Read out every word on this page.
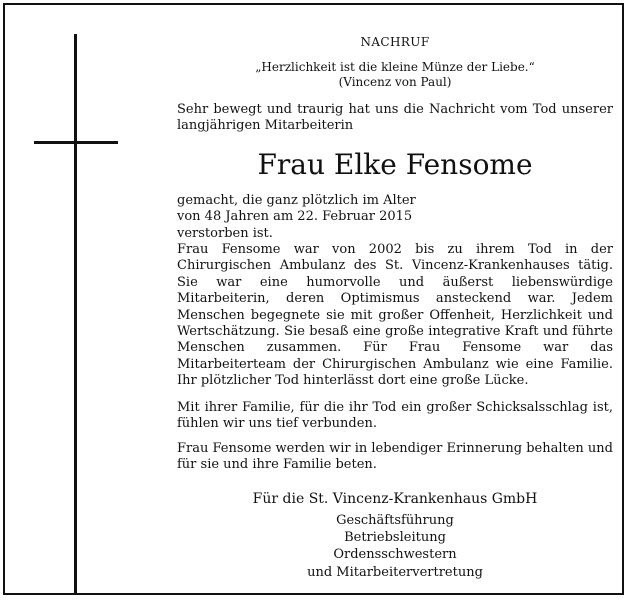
NACHRUF
„Herzlichkeit ist die kleine Münze der Liebe.“
(Vincenz von Paul)
Sehr bewegt und traurig hat uns die Nachricht vom Tod unserer langjährigen Mitarbeiterin
Frau Elke Fensome
gemacht, die ganz plötzlich im Alter von 48 Jahren am 22. Februar 2015 verstorben ist.
Frau Fensome war von 2002 bis zu ihrem Tod in der Chirurgischen Ambulanz des St. Vincenz-Krankenhauses tätig. Sie war eine humorvolle und äußerst liebenswürdige Mitarbeiterin, deren Optimismus ansteckend war. Jedem Menschen begegnete sie mit großer Offenheit, Herzlichkeit und Wertschätzung. Sie besaß eine große integrative Kraft und führte Menschen zusammen. Für Frau Fensome war das Mitarbeiterteam der Chirurgischen Ambulanz wie eine Familie. Ihr plötzlicher Tod hinterlässt dort eine große Lücke.
Mit ihrer Familie, für die ihr Tod ein großer Schicksalsschlag ist, fühlen wir uns tief verbunden.
Frau Fensome werden wir in lebendiger Erinnerung behalten und für sie und ihre Familie beten.
Für die St. Vincenz-Krankenhaus GmbH
Geschäftsführung
Betriebsleitung
Ordensschwestern
und Mitarbeitervertretung
